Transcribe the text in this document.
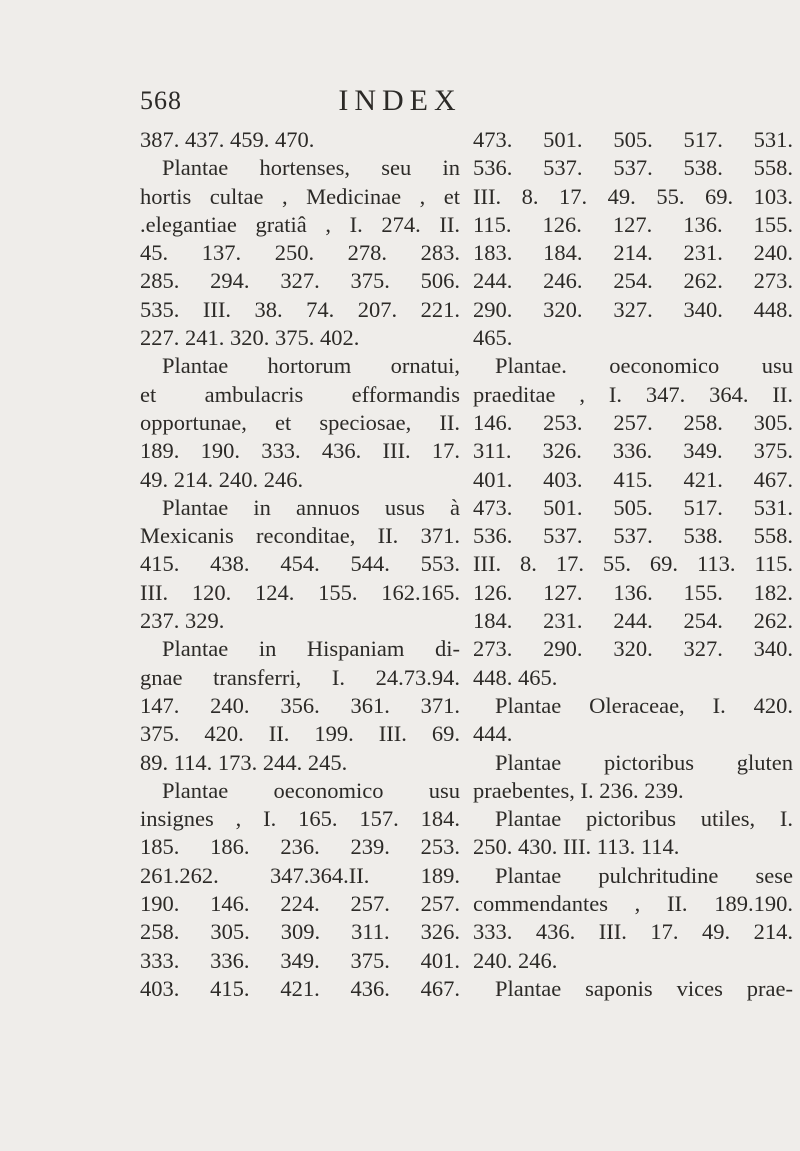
568	INDEX
387. 437. 459. 470.
Plantae hortenses, seu in
hortis cultae , Medicinae , et
.elegantiae gratiâ , I. 274. II.
45. 137. 250. 278. 283.
285. 294. 327. 375. 506.
535. III. 38. 74. 207. 221.
227. 241. 320. 375. 402.
Plantae hortorum ornatui,
et ambulacris efformandis
opportunae, et speciosae, II.
189. 190. 333. 436. III. 17.
49. 214. 240. 246.
Plantae in annuos usus à
Mexicanis reconditae, II. 371.
415. 438. 454. 544. 553.
III. 120. 124. 155. 162.165.
237. 329.
Plantae in Hispaniam di-
gnae transferri, I. 24.73.94.
147. 240. 356. 361. 371.
375. 420. II. 199. III. 69.
89. 114. 173. 244. 245.
Plantae oeconomico usu
insignes , I. 165. 157. 184.
185. 186. 236. 239. 253.
261.262. 347.364.II. 189.
190. 146. 224. 257. 257.
258. 305. 309. 311. 326.
333. 336. 349. 375. 401.
403. 415. 421. 436. 467.
473. 501. 505. 517. 531.
536. 537. 537. 538. 558.
III. 8. 17. 49. 55. 69. 103.
115. 126. 127. 136. 155.
183. 184. 214. 231. 240.
244. 246. 254. 262. 273.
290. 320. 327. 340. 448.
465.
Plantae. oeconomico usu
praeditae , I. 347. 364. II.
146. 253. 257. 258. 305.
311. 326. 336. 349. 375.
401. 403. 415. 421. 467.
473. 501. 505. 517. 531.
536. 537. 537. 538. 558.
III. 8. 17. 55. 69. 113. 115.
126. 127. 136. 155. 182.
184. 231. 244. 254. 262.
273. 290. 320. 327. 340.
448. 465.
Plantae Oleraceae, I. 420.
444.
Plantae pictoribus gluten
praebentes, I. 236. 239.
Plantae pictoribus utiles, I.
250. 430. III. 113. 114.
Plantae pulchritudine sese
commendantes , II. 189.190.
333. 436. III. 17. 49. 214.
240. 246.
Plantae saponis vices prae-
